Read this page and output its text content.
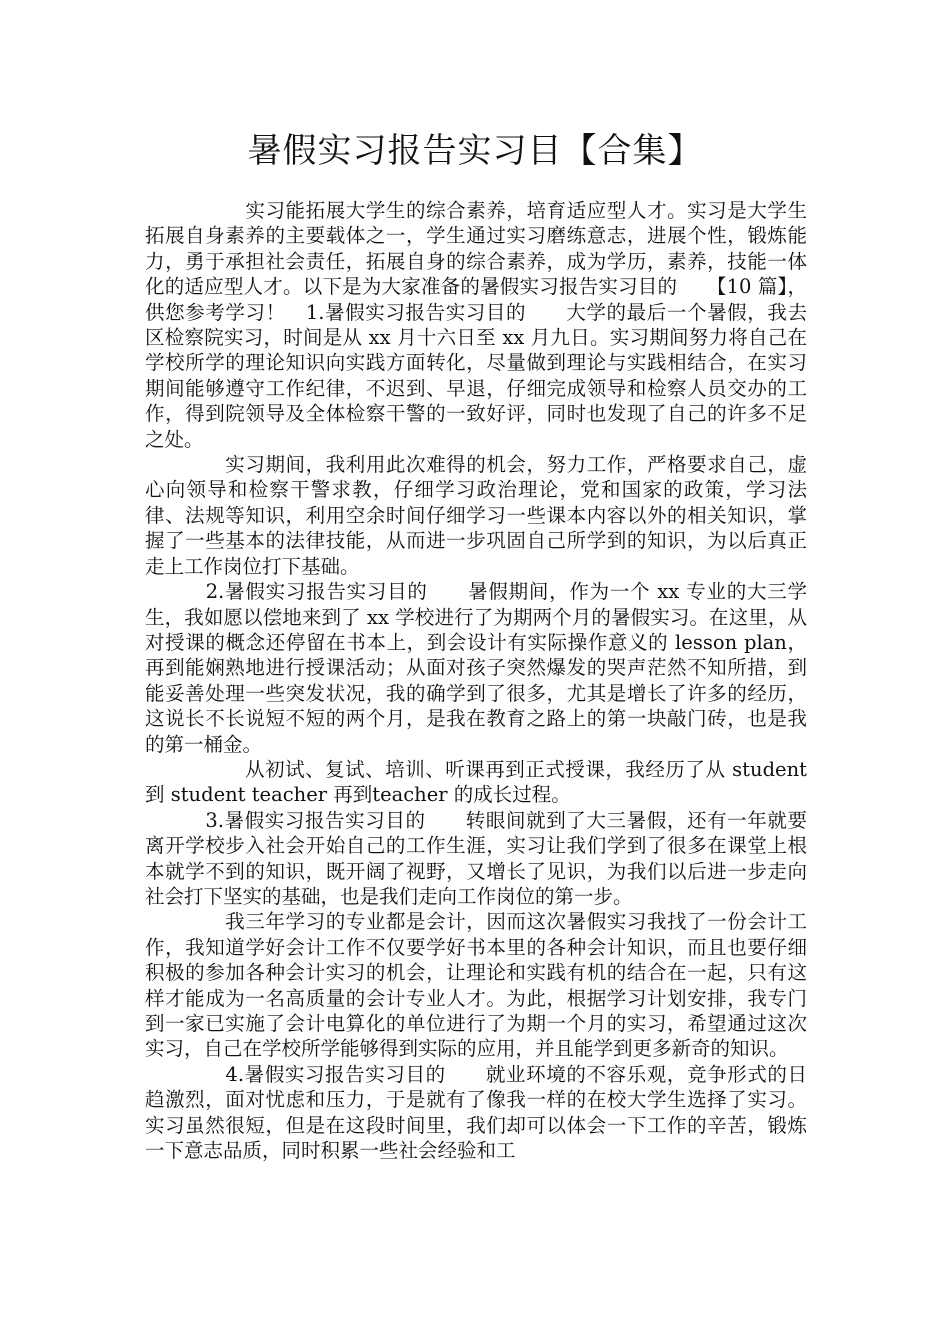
暑假实习报告实习目【合集】

　　　　　实习能拓展大学生的综合素养，培育适应型人才。实习是大学生拓展自身素养的主要载体之一，学生通过实习磨练意志，进展个性，锻炼能力，勇于承担社会责任，拓展自身的综合素养，成为学历，素养，技能一体化的适应型人才。以下是为大家准备的暑假实习报告实习目的　　【10 篇】，供您参考学习！　1.暑假实习报告实习目的　　大学的最后一个暑假，我去区检察院实习，时间是从 xx 月十六日至 xx 月九日。实习期间努力将自己在学校所学的理论知识向实践方面转化，尽量做到理论与实践相结合，在实习期间能够遵守工作纪律，不迟到、早退，仔细完成领导和检察人员交办的工作，得到院领导及全体检察干警的一致好评，同时也发现了自己的许多不足之处。

　　　　实习期间，我利用此次难得的机会，努力工作，严格要求自己，虚心向领导和检察干警求教，仔细学习政治理论，党和国家的政策，学习法律、法规等知识，利用空余时间仔细学习一些课本内容以外的相关知识，掌握了一些基本的法律技能，从而进一步巩固自己所学到的知识，为以后真正走上工作岗位打下基础。

　　　2.暑假实习报告实习目的　　暑假期间，作为一个 xx 专业的大三学生，我如愿以偿地来到了 xx 学校进行了为期两个月的暑假实习。在这里，从对授课的概念还停留在书本上，到会设计有实际操作意义的 lesson plan，再到能娴熟地进行授课活动；从面对孩子突然爆发的哭声茫然不知所措，到能妥善处理一些突发状况，我的确学到了很多，尤其是增长了许多的经历，这说长不长说短不短的两个月，是我在教育之路上的第一块敲门砖，也是我的第一桶金。

　　　　　从初试、复试、培训、听课再到正式授课，我经历了从 student 到 student teacher 再到teacher 的成长过程。

　　　3.暑假实习报告实习目的　　转眼间就到了大三暑假，还有一年就要离开学校步入社会开始自己的工作生涯，实习让我们学到了很多在课堂上根本就学不到的知识，既开阔了视野，又增长了见识，为我们以后进一步走向社会打下坚实的基础，也是我们走向工作岗位的第一步。

　　　　我三年学习的专业都是会计，因而这次暑假实习我找了一份会计工作，我知道学好会计工作不仅要学好书本里的各种会计知识，而且也要仔细积极的参加各种会计实习的机会，让理论和实践有机的结合在一起，只有这样才能成为一名高质量的会计专业人才。为此，根据学习计划安排，我专门到一家已实施了会计电算化的单位进行了为期一个月的实习，希望通过这次实习，自己在学校所学能够得到实际的应用，并且能学到更多新奇的知识。

　　　　4.暑假实习报告实习目的　　就业环境的不容乐观，竞争形式的日趋激烈，面对忧虑和压力，于是就有了像我一样的在校大学生选择了实习。实习虽然很短，但是在这段时间里，我们却可以体会一下工作的辛苦，锻炼一下意志品质，同时积累一些社会经验和工
